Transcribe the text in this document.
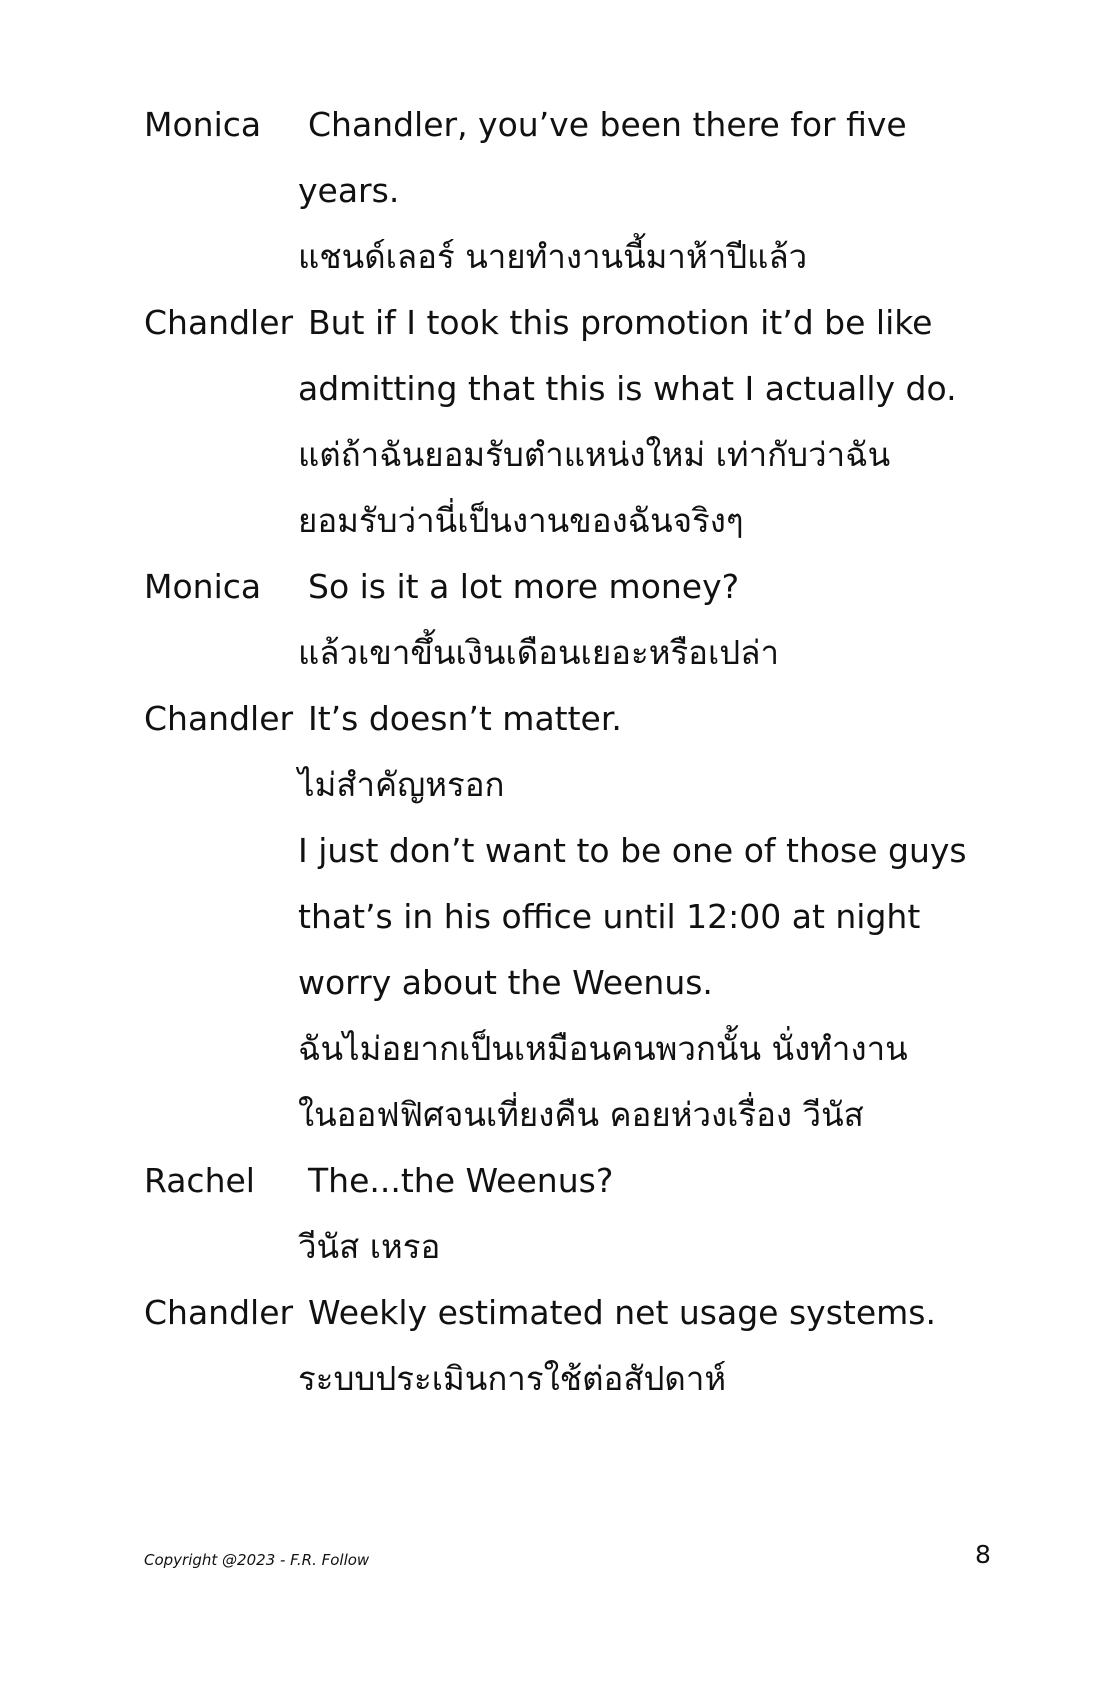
Monica	Chandler, you’ve been there for five
years.
แชนด์เลอร์ นายทำงานนี้มาห้าปีแล้ว
Chandler But if I took this promotion it’d be like
admitting that this is what I actually do.
แต่ถ้าฉันยอมรับตำแหน่งใหม่ เท่ากับว่าฉัน
ยอมรับว่านี่เป็นงานของฉันจริงๆ
Monica	So is it a lot more money?
แล้วเขาขึ้นเงินเดือนเยอะหรือเปล่า
Chandler It’s doesn’t matter.
ไม่สำคัญหรอก
I just don’t want to be one of those guys
that’s in his office until 12:00 at night
worry about the Weenus.
ฉันไม่อยากเป็นเหมือนคนพวกนั้น นั่งทำงาน
ในออฟฟิศจนเที่ยงคืน คอยห่วงเรื่อง วีนัส
Rachel	The...the Weenus?
วีนัส เหรอ
Chandler Weekly estimated net usage systems.
ระบบประเมินการใช้ต่อสัปดาห์
Copyright @2023 - F.R. Follow	8
